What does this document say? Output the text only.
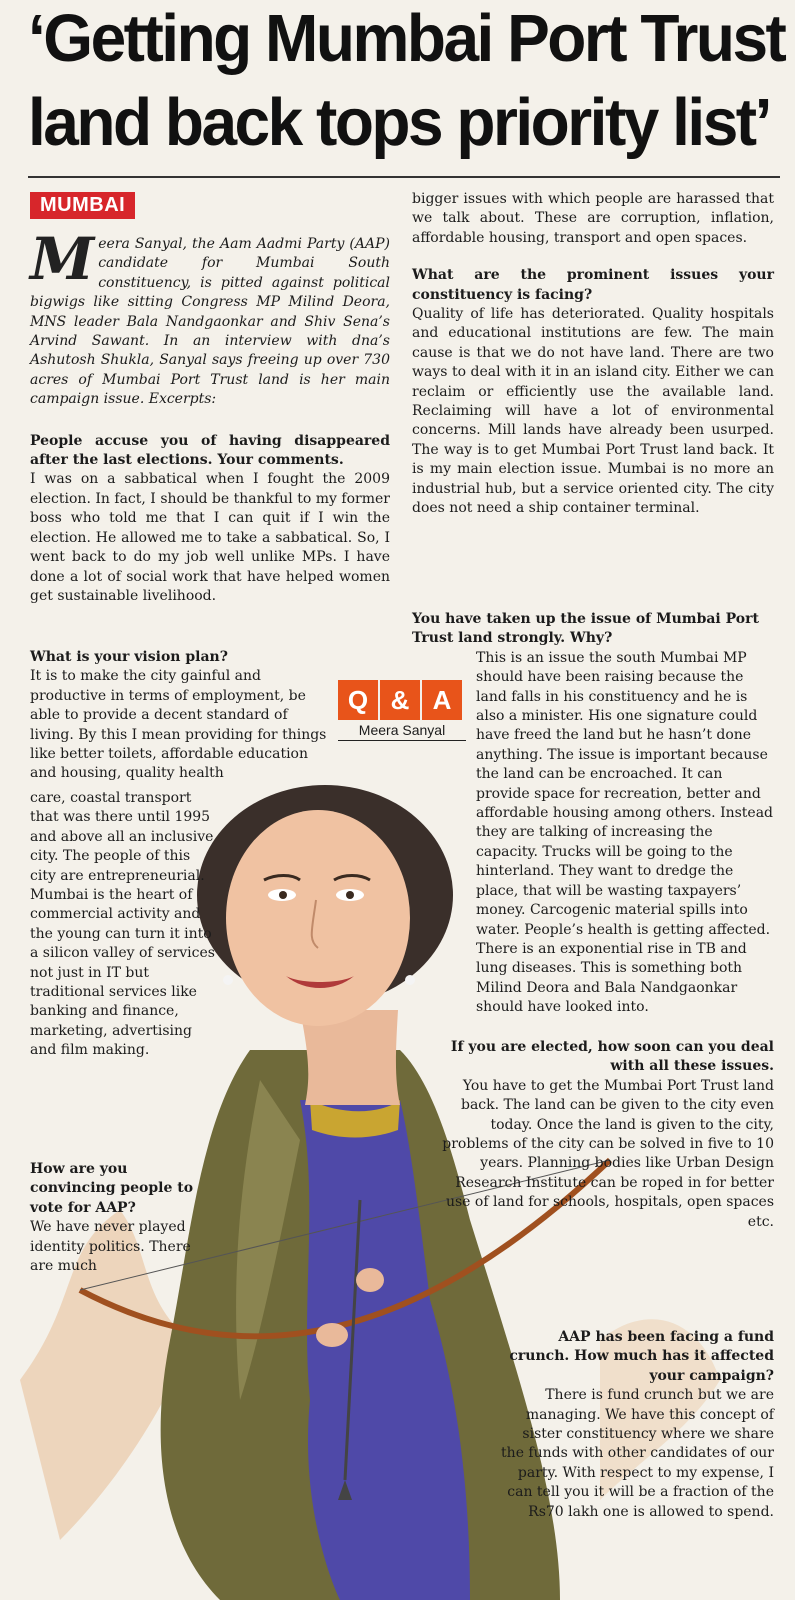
‘Getting Mumbai Port Trust
land back tops priority list’
MUMBAI

Meera Sanyal, the Aam Aadmi Party (AAP) candidate for Mumbai South constituency, is pitted against political bigwigs like sitting Congress MP Milind Deora, MNS leader Bala Nandgaonkar and Shiv Sena’s Arvind Sawant. In an interview with dna’s Ashutosh Shukla, Sanyal says freeing up over 730 acres of Mumbai Port Trust land is her main campaign issue. Excerpts:

People accuse you of having disappeared after the last elections. Your comments.

I was on a sabbatical when I fought the 2009 election. In fact, I should be thankful to my former boss who told me that I can quit if I win the election. He allowed me to take a sabbatical. So, I went back to do my job well unlike MPs. I have done a lot of social work that have helped women get sustainable livelihood.

What is your vision plan?

It is to make the city gainful and productive in terms of employment, be able to provide a decent standard of living. By this I mean providing for things like better toilets, affordable education and housing, quality health

care, coastal transport that was there until 1995 and above all an inclusive city. The people of this city are entrepreneurial. Mumbai is the heart of commercial activity and the young can turn it into a silicon valley of services not just in IT but traditional services like banking and finance, marketing, advertising and film making.

How are you convincing people to vote for AAP?

We have never played identity politics. There are much

bigger issues with which people are harassed that we talk about. These are corruption, inflation, affordable housing, transport and open spaces.

What are the prominent issues your constituency is facing?

Quality of life has deteriorated. Quality hospitals and educational institutions are few. The main cause is that we do not have land. There are two ways to deal with it in an island city. Either we can reclaim or efficiently use the available land. Reclaiming will have a lot of environmental concerns. Mill lands have already been usurped. The way is to get Mumbai Port Trust land back. It is my main election issue. Mumbai is no more an industrial hub, but a service oriented city. The city does not need a ship container terminal.

You have taken up the issue of Mumbai Port Trust land strongly. Why?

This is an issue the south Mumbai MP should have been raising because the land falls in his constituency and he is also a minister. His one signature could have freed the land but he hasn’t done anything. The issue is important because the land can be encroached. It can provide space for recreation, better and affordable housing among others. Instead they are talking of increasing the capacity. Trucks will be going to the hinterland. They want to dredge the place, that will be wasting taxpayers’ money. Carcogenic material spills into water. People’s health is getting affected. There is an exponential rise in TB and lung diseases. This is something both Milind Deora and Bala Nandgaonkar should have looked into.

If you are elected, how soon can you deal with all these issues.

You have to get the Mumbai Port Trust land back. The land can be given to the city even today. Once the land is given to the city, problems of the city can be solved in five to 10 years. Planning bodies like Urban Design Research Institute can be roped in for better use of land for schools, hospitals, open spaces etc.

AAP has been facing a fund crunch. How much has it affected your campaign?

There is fund crunch but we are managing. We have this concept of sister constituency where we share the funds with other candidates of our party. With respect to my expense, I can tell you it will be a fraction of the Rs70 lakh one is allowed to spend.

Q & A
Meera Sanyal
